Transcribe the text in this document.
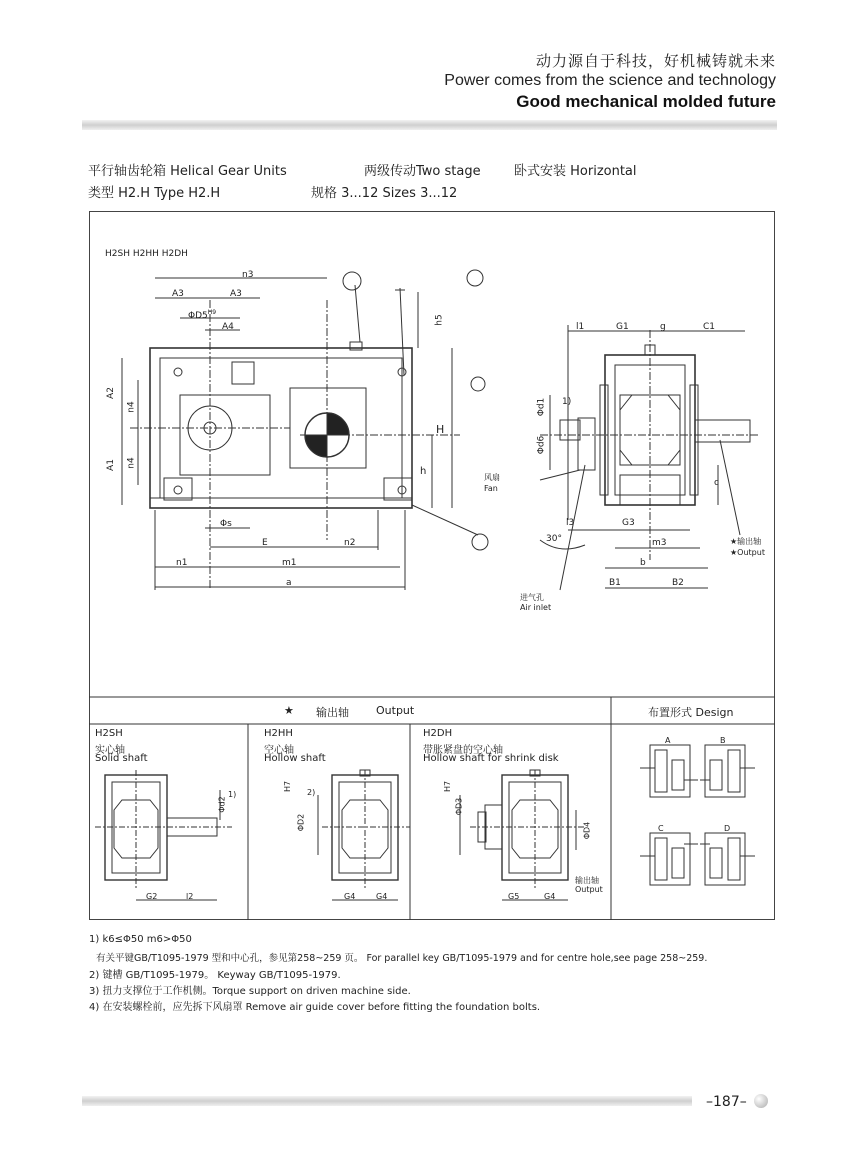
动力源自于科技，好机械铸就未来
Power comes from the science and technology
Good mechanical molded future
平行轴齿轮箱 Helical Gear Units	两级传动Two stage	卧式安装 Horizontal
类型 H2.H Type H2.H	规格 3...12 Sizes 3...12
H2SH H2HH H2DH
n3
A3	A3
$\Phi D5^{H9}$
A4
h5
A2
A1
n4
n4
H
h
Φs
E	n2
n1	m1
a
l1	G1	g	C1
Φd1
Φd6
1)
c
l3	G3
m3
b
B1	B2
30°
风扇
Fan
进气孔
Air inlet
★输出轴
★Output
★ 输出轴 Output	布置形式 Design
H2SH
实心轴
Solid shaft
H2HH
空心轴
Hollow shaft
H2DH
带胀紧盘的空心轴
Hollow shaft for shrink disk
Φd2
1)
G2	l2
H7
ΦD2
2)
G4	G4
H7
ΦD3
ΦD4
G5	G4
输出轴
Output
A	B
C	D
1) k6≤Φ50 m6>Φ50
有关平键GB/T1095-1979 型和中心孔，参见第258~259 页。 For parallel key GB/T1095-1979 and for centre hole,see page 258~259.
2) 键槽 GB/T1095-1979。 Keyway GB/T1095-1979.
3) 扭力支撑位于工作机侧。Torque support on driven machine side.
4) 在安装螺栓前，应先拆下风扇罩 Remove air guide cover before fitting the foundation bolts.
–187–
